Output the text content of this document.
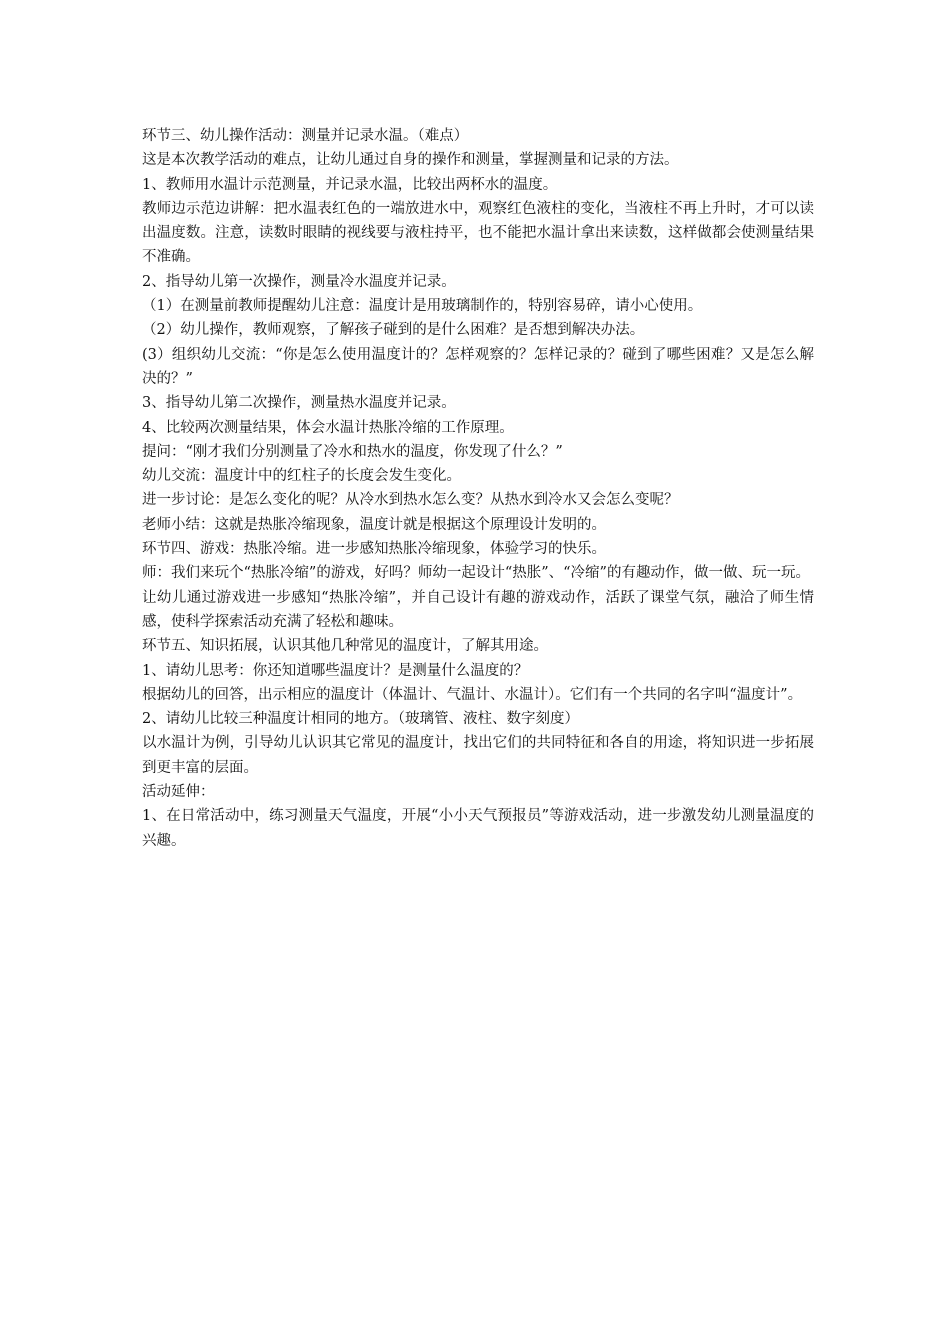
环节三、幼儿操作活动：测量并记录水温。（难点）

这是本次教学活动的难点，让幼儿通过自身的操作和测量，掌握测量和记录的方法。

1、教师用水温计示范测量，并记录水温，比较出两杯水的温度。

教师边示范边讲解：把水温表红色的一端放进水中，观察红色液柱的变化，当液柱不再上升时，才可以读出温度数。注意，读数时眼睛的视线要与液柱持平，也不能把水温计拿出来读数，这样做都会使测量结果不准确。

2、指导幼儿第一次操作，测量冷水温度并记录。

（1）在测量前教师提醒幼儿注意：温度计是用玻璃制作的，特别容易碎，请小心使用。

（2）幼儿操作，教师观察，了解孩子碰到的是什么困难？是否想到解决办法。

(3）组织幼儿交流：“你是怎么使用温度计的？怎样观察的？怎样记录的？碰到了哪些困难？又是怎么解决的？”

3、指导幼儿第二次操作，测量热水温度并记录。

4、比较两次测量结果，体会水温计热胀冷缩的工作原理。

提问：“刚才我们分别测量了冷水和热水的温度，你发现了什么？”

幼儿交流：温度计中的红柱子的长度会发生变化。

进一步讨论：是怎么变化的呢？从冷水到热水怎么变？从热水到冷水又会怎么变呢？

老师小结：这就是热胀冷缩现象，温度计就是根据这个原理设计发明的。

环节四、游戏：热胀冷缩。进一步感知热胀冷缩现象，体验学习的快乐。

师：我们来玩个“热胀冷缩”的游戏，好吗？师幼一起设计“热胀”、“冷缩”的有趣动作，做一做、玩一玩。

让幼儿通过游戏进一步感知“热胀冷缩”，并自己设计有趣的游戏动作，活跃了课堂气氛，融洽了师生情感，使科学探索活动充满了轻松和趣味。

环节五、知识拓展，认识其他几种常见的温度计，了解其用途。

1、请幼儿思考：你还知道哪些温度计？是测量什么温度的？

根据幼儿的回答，出示相应的温度计（体温计、气温计、水温计）。它们有一个共同的名字叫“温度计”。

2、请幼儿比较三种温度计相同的地方。（玻璃管、液柱、数字刻度）

以水温计为例，引导幼儿认识其它常见的温度计，找出它们的共同特征和各自的用途，将知识进一步拓展到更丰富的层面。

活动延伸：

1、在日常活动中，练习测量天气温度，开展“小小天气预报员”等游戏活动，进一步激发幼儿测量温度的兴趣。
